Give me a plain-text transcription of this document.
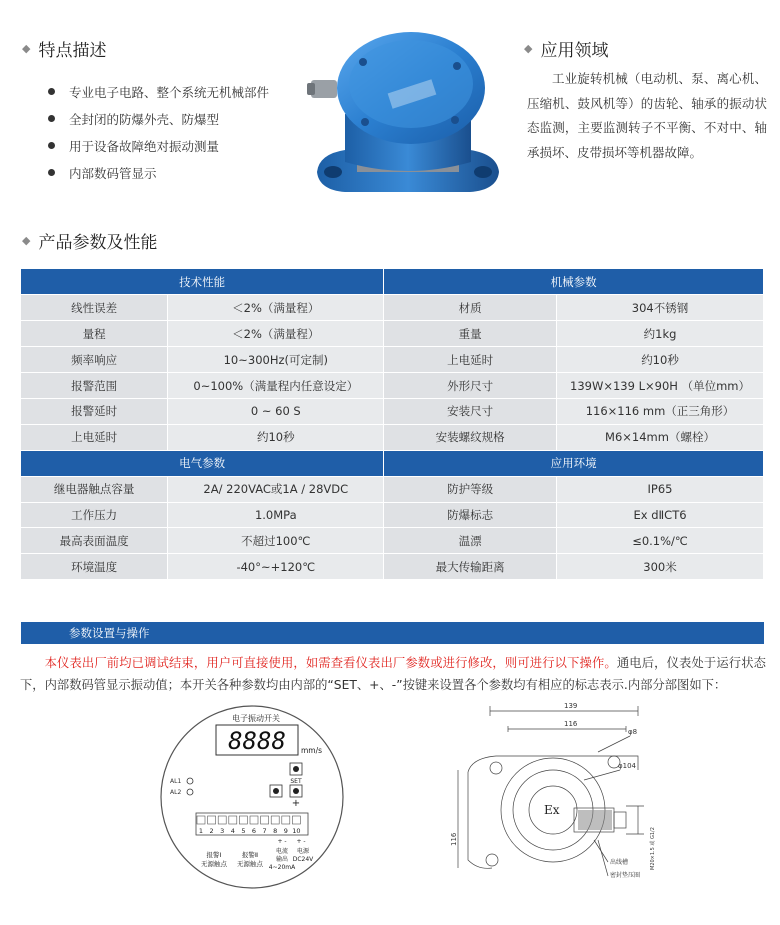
◆ 特点描述
专业电子电路、整个系统无机械部件
全封闭的防爆外壳、防爆型
用于设备故障绝对振动测量
内部数码管显示
◆ 应用领域

工业旋转机械（电动机、泵、离心机、压缩机、鼓风机等）的齿轮、轴承的振动状态监测，主要监测转子不平衡、不对中、轴承损坏、皮带损坏等机器故障。

◆ 产品参数及性能
技术性能		机械参数	
线性误差	＜2%（满量程）	材质	304不锈钢
量程	＜2%（满量程）	重量	约1kg
频率响应	10~300Hz(可定制)	上电延时	约10秒
报警范围	0~100%（满量程内任意设定）	外形尺寸	139W×139 L×90H （单位mm）
报警延时	0 ~ 60 S	安装尺寸	116×116 mm（正三角形）
上电延时	约10秒	安装螺纹规格	M6×14mm（螺栓）
电气参数		应用环境	
继电器触点容量	2A/ 220VAC或1A / 28VDC	防护等级	IP65
工作压力	1.0MPa	防爆标志	Ex dⅡCT6
最高表面温度	不超过100℃	温漂	≤0.1%/℃
环境温度	-40°~+120℃	最大传输距离	300米
参数设置与操作

本仪表出厂前均已调试结束，用户可直接使用，如需查看仪表出厂参数或进行修改，则可进行以下操作。通电后，仪表处于运行状态下，内部数码管显示振动值；本开关各种参数均由内部的“SET、+、-”按键来设置各个参数均有相应的标志表示.内部分部图如下：

电子振动开关
8888 mm/s
AL1
AL2
SET
+
1 2 3 4 5 6 7 8 9 10
+ - + -
报警Ⅰ
无源触点
报警Ⅱ
无源触点
电流
输出
4~20mA
电源
DC24V
139
116
φ8
φ104
116
Ex
出线槽
密封垫压圈
M20×1.5 或 G1/2
